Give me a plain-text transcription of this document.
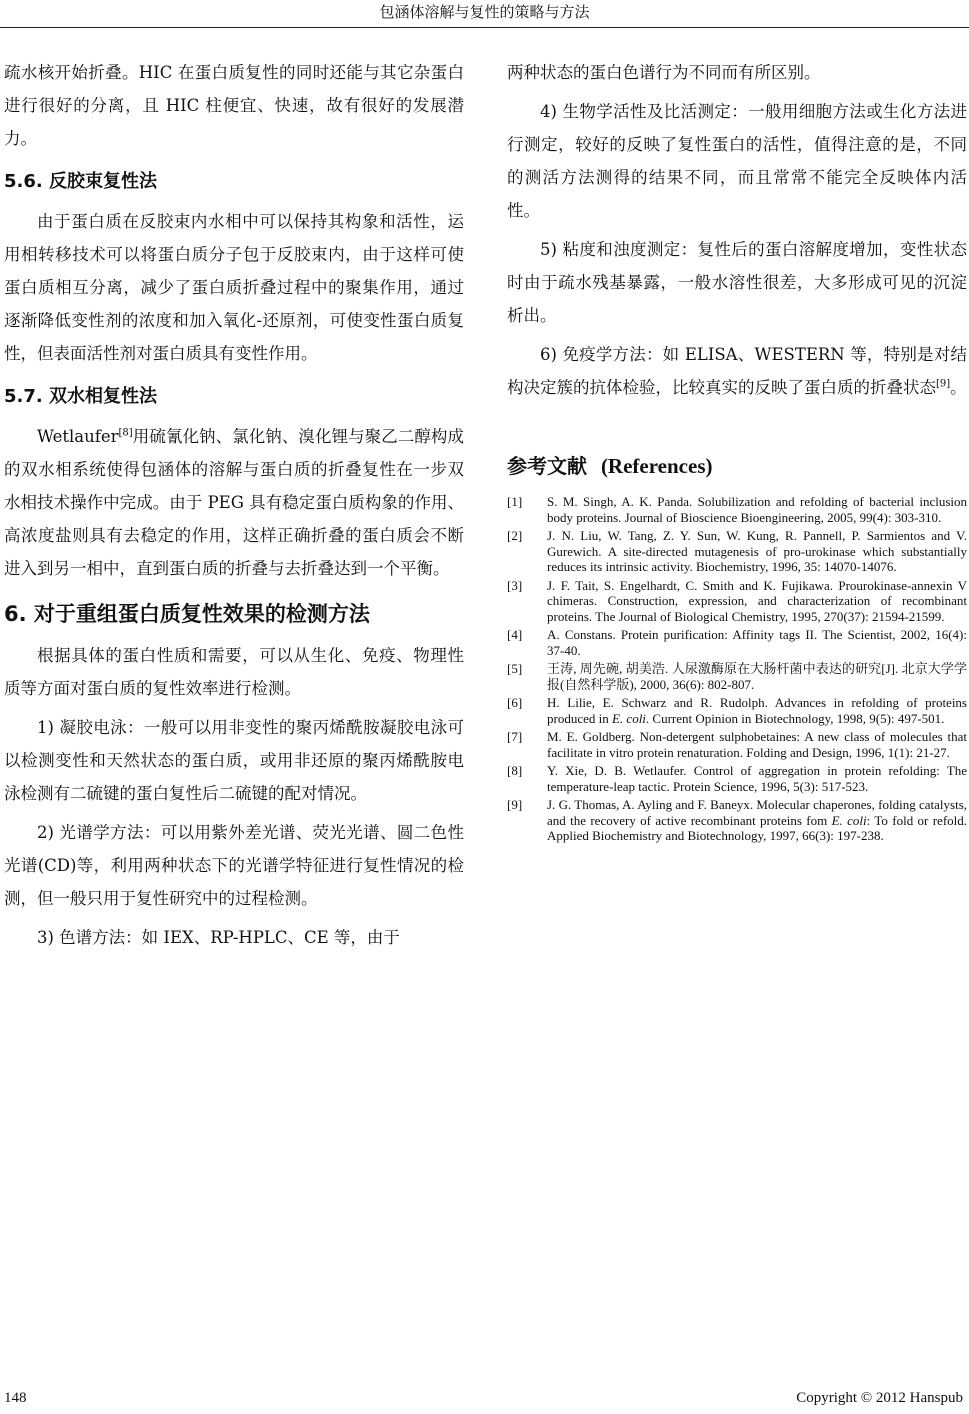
包涵体溶解与复性的策略与方法

疏水核开始折叠。HIC 在蛋白质复性的同时还能与其它杂蛋白进行很好的分离，且 HIC 柱便宜、快速，故有很好的发展潜力。

5.6. 反胶束复性法

由于蛋白质在反胶束内水相中可以保持其构象和活性，运用相转移技术可以将蛋白质分子包于反胶束内，由于这样可使蛋白质相互分离，减少了蛋白质折叠过程中的聚集作用，通过逐渐降低变性剂的浓度和加入氧化-还原剂，可使变性蛋白质复性，但表面活性剂对蛋白质具有变性作用。

5.7. 双水相复性法

Wetlaufer[8]用硫氰化钠、氯化钠、溴化锂与聚乙二醇构成的双水相系统使得包涵体的溶解与蛋白质的折叠复性在一步双水相技术操作中完成。由于 PEG 具有稳定蛋白质构象的作用、高浓度盐则具有去稳定的作用，这样正确折叠的蛋白质会不断进入到另一相中，直到蛋白质的折叠与去折叠达到一个平衡。

6. 对于重组蛋白质复性效果的检测方法

根据具体的蛋白性质和需要，可以从生化、免疫、物理性质等方面对蛋白质的复性效率进行检测。

1) 凝胶电泳：一般可以用非变性的聚丙烯酰胺凝胶电泳可以检测变性和天然状态的蛋白质，或用非还原的聚丙烯酰胺电泳检测有二硫键的蛋白复性后二硫键的配对情况。

2) 光谱学方法：可以用紫外差光谱、荧光光谱、圆二色性光谱(CD)等，利用两种状态下的光谱学特征进行复性情况的检测，但一般只用于复性研究中的过程检测。

3) 色谱方法：如 IEX、RP-HPLC、CE 等，由于

两种状态的蛋白色谱行为不同而有所区别。

4) 生物学活性及比活测定：一般用细胞方法或生化方法进行测定，较好的反映了复性蛋白的活性，值得注意的是，不同的测活方法测得的结果不同，而且常常不能完全反映体内活性。

5) 粘度和浊度测定：复性后的蛋白溶解度增加，变性状态时由于疏水残基暴露，一般水溶性很差，大多形成可见的沉淀析出。

6) 免疫学方法：如 ELISA、WESTERN 等，特别是对结构决定簇的抗体检验，比较真实的反映了蛋白质的折叠状态[9]。

参考文献 (References)
[1] S. M. Singh, A. K. Panda. Solubilization and refolding of bacterial inclusion body proteins. Journal of Bioscience Bioengineering, 2005, 99(4): 303-310.
[2] J. N. Liu, W. Tang, Z. Y. Sun, W. Kung, R. Pannell, P. Sarmientos and V. Gurewich. A site-directed mutagenesis of pro-urokinase which substantially reduces its intrinsic activity. Biochemistry, 1996, 35: 14070-14076.
[3] J. F. Tait, S. Engelhardt, C. Smith and K. Fujikawa. Prourokinase-annexin V chimeras. Construction, expression, and characterization of recombinant proteins. The Journal of Biological Chemistry, 1995, 270(37): 21594-21599.
[4] A. Constans. Protein purification: Affinity tags II. The Scientist, 2002, 16(4): 37-40.
[5] 王涛, 周先碗, 胡美浩. 人尿激酶原在大肠杆菌中表达的研究[J]. 北京大学学报(自然科学版), 2000, 36(6): 802-807.
[6] H. Lilie, E. Schwarz and R. Rudolph. Advances in refolding of proteins produced in E. coli. Current Opinion in Biotechnology, 1998, 9(5): 497-501.
[7] M. E. Goldberg. Non-detergent sulphobetaines: A new class of molecules that facilitate in vitro protein renaturation. Folding and Design, 1996, 1(1): 21-27.
[8] Y. Xie, D. B. Wetlaufer. Control of aggregation in protein refolding: The temperature-leap tactic. Protein Science, 1996, 5(3): 517-523.
[9] J. G. Thomas, A. Ayling and F. Baneyx. Molecular chaperones, folding catalysts, and the recovery of active recombinant proteins fom E. coli: To fold or refold. Applied Biochemistry and Biotechnology, 1997, 66(3): 197-238.
148	Copyright © 2012 Hanspub
